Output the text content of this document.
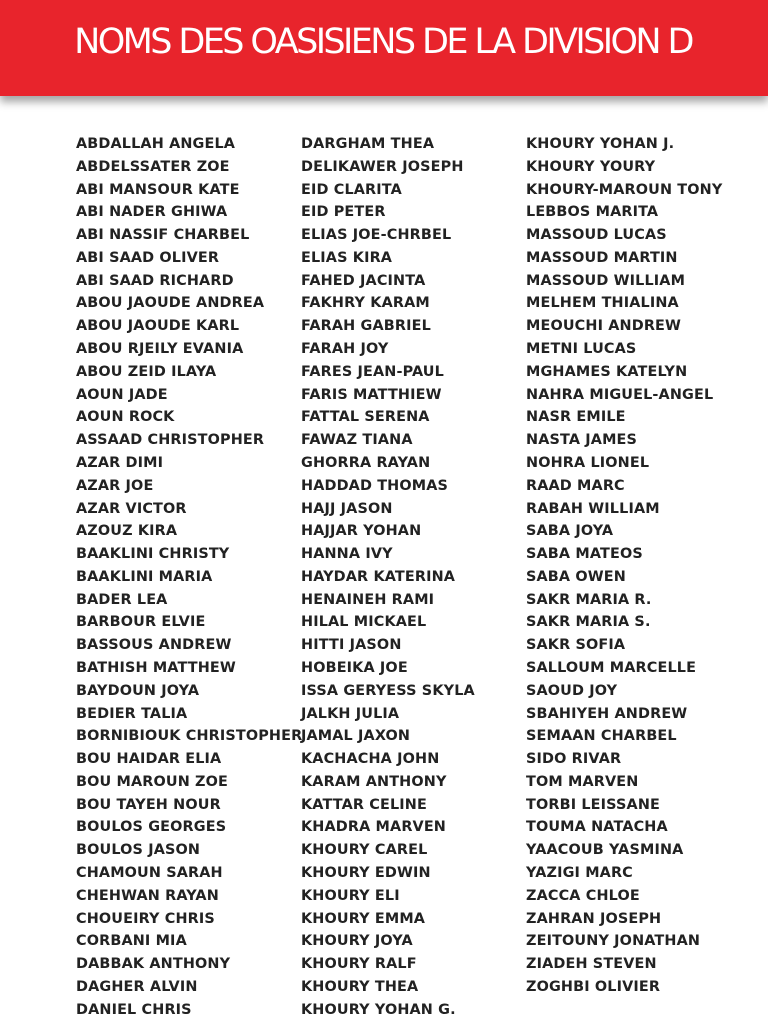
NOMS DES OASISIENS DE LA DIVISION D
ABDALLAH ANGELA
ABDELSSATER ZOE
ABI MANSOUR KATE
ABI NADER GHIWA
ABI NASSIF CHARBEL
ABI SAAD OLIVER
ABI SAAD RICHARD
ABOU JAOUDE ANDREA
ABOU JAOUDE KARL
ABOU RJEILY EVANIA
ABOU ZEID ILAYA
AOUN JADE
AOUN ROCK
ASSAAD CHRISTOPHER
AZAR DIMI
AZAR JOE
AZAR VICTOR
AZOUZ KIRA
BAAKLINI CHRISTY
BAAKLINI MARIA
BADER LEA
BARBOUR ELVIE
BASSOUS ANDREW
BATHISH MATTHEW
BAYDOUN JOYA
BEDIER TALIA
BORNIBIOUK CHRISTOPHER
BOU HAIDAR ELIA
BOU MAROUN ZOE
BOU TAYEH NOUR
BOULOS GEORGES
BOULOS JASON
CHAMOUN SARAH
CHEHWAN RAYAN
CHOUEIRY CHRIS
CORBANI MIA
DABBAK ANTHONY
DAGHER ALVIN
DANIEL CHRIS
DARGHAM THEA
DELIKAWER JOSEPH
EID CLARITA
EID PETER
ELIAS JOE-CHRBEL
ELIAS KIRA
FAHED JACINTA
FAKHRY KARAM
FARAH GABRIEL
FARAH JOY
FARES JEAN-PAUL
FARIS MATTHIEW
FATTAL SERENA
FAWAZ TIANA
GHORRA RAYAN
HADDAD THOMAS
HAJJ JASON
HAJJAR YOHAN
HANNA IVY
HAYDAR KATERINA
HENAINEH RAMI
HILAL MICKAEL
HITTI JASON
HOBEIKA JOE
ISSA GERYESS SKYLA
JALKH JULIA
JAMAL JAXON
KACHACHA JOHN
KARAM ANTHONY
KATTAR CELINE
KHADRA MARVEN
KHOURY CAREL
KHOURY EDWIN
KHOURY ELI
KHOURY EMMA
KHOURY JOYA
KHOURY RALF
KHOURY THEA
KHOURY YOHAN G.
KHOURY YOHAN J.
KHOURY YOURY
KHOURY-MAROUN TONY
LEBBOS MARITA
MASSOUD LUCAS
MASSOUD MARTIN
MASSOUD WILLIAM
MELHEM THIALINA
MEOUCHI ANDREW
METNI LUCAS
MGHAMES KATELYN
NAHRA MIGUEL-ANGEL
NASR EMILE
NASTA JAMES
NOHRA LIONEL
RAAD MARC
RABAH WILLIAM
SABA JOYA
SABA MATEOS
SABA OWEN
SAKR MARIA R.
SAKR MARIA S.
SAKR SOFIA
SALLOUM MARCELLE
SAOUD JOY
SBAHIYEH ANDREW
SEMAAN CHARBEL
SIDO RIVAR
TOM MARVEN
TORBI LEISSANE
TOUMA NATACHA
YAACOUB YASMINA
YAZIGI MARC
ZACCA CHLOE
ZAHRAN JOSEPH
ZEITOUNY JONATHAN
ZIADEH STEVEN
ZOGHBI OLIVIER
